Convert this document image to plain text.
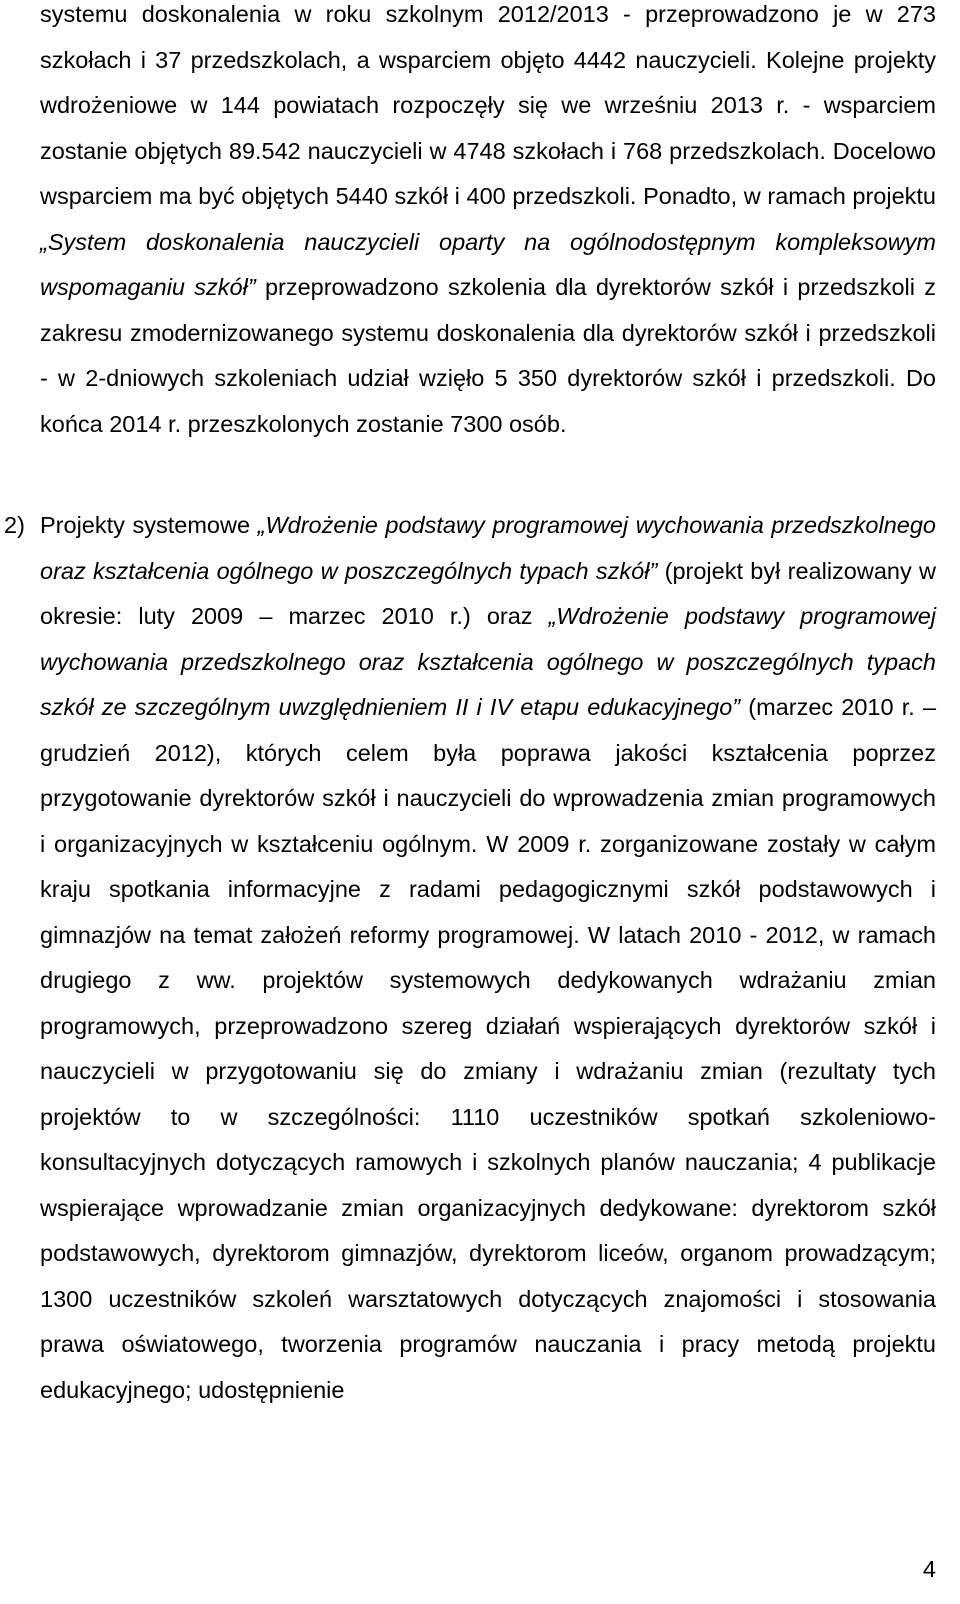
systemu doskonalenia w roku szkolnym 2012/2013 - przeprowadzono je w 273 szkołach i 37 przedszkolach, a wsparciem objęto 4442 nauczycieli. Kolejne projekty wdrożeniowe w 144 powiatach rozpoczęły się we wrześniu 2013 r. - wsparciem zostanie objętych 89.542 nauczycieli w 4748 szkołach i 768 przedszkolach. Docelowo wsparciem ma być objętych 5440 szkół i 400 przedszkoli. Ponadto, w ramach projektu „System doskonalenia nauczycieli oparty na ogólnodostępnym kompleksowym wspomaganiu szkół” przeprowadzono szkolenia dla dyrektorów szkół i przedszkoli z zakresu zmodernizowanego systemu doskonalenia dla dyrektorów szkół i przedszkoli - w 2-dniowych szkoleniach udział wzięło 5 350 dyrektorów szkół i przedszkoli. Do końca 2014 r. przeszkolonych zostanie 7300 osób.

2) Projekty systemowe „Wdrożenie podstawy programowej wychowania przedszkolnego oraz kształcenia ogólnego w poszczególnych typach szkół” (projekt był realizowany w okresie: luty 2009 – marzec 2010 r.) oraz „Wdrożenie podstawy programowej wychowania przedszkolnego oraz kształcenia ogólnego w poszczególnych typach szkół ze szczególnym uwzględnieniem II i IV etapu edukacyjnego” (marzec 2010 r. – grudzień 2012), których celem była poprawa jakości kształcenia poprzez przygotowanie dyrektorów szkół i nauczycieli do wprowadzenia zmian programowych i organizacyjnych w kształceniu ogólnym. W 2009 r. zorganizowane zostały w całym kraju spotkania informacyjne z radami pedagogicznymi szkół podstawowych i gimnazjów na temat założeń reformy programowej. W latach 2010 - 2012, w ramach drugiego z ww. projektów systemowych dedykowanych wdrażaniu zmian programowych, przeprowadzono szereg działań wspierających dyrektorów szkół i nauczycieli w przygotowaniu się do zmiany i wdrażaniu zmian (rezultaty tych projektów to w szczególności: 1110 uczestników spotkań szkoleniowo-konsultacyjnych dotyczących ramowych i szkolnych planów nauczania; 4 publikacje wspierające wprowadzanie zmian organizacyjnych dedykowane: dyrektorom szkół podstawowych, dyrektorom gimnazjów, dyrektorom liceów, organom prowadzącym; 1300 uczestników szkoleń warsztatowych dotyczących znajomości i stosowania prawa oświatowego, tworzenia programów nauczania i pracy metodą projektu edukacyjnego; udostępnienie

4
